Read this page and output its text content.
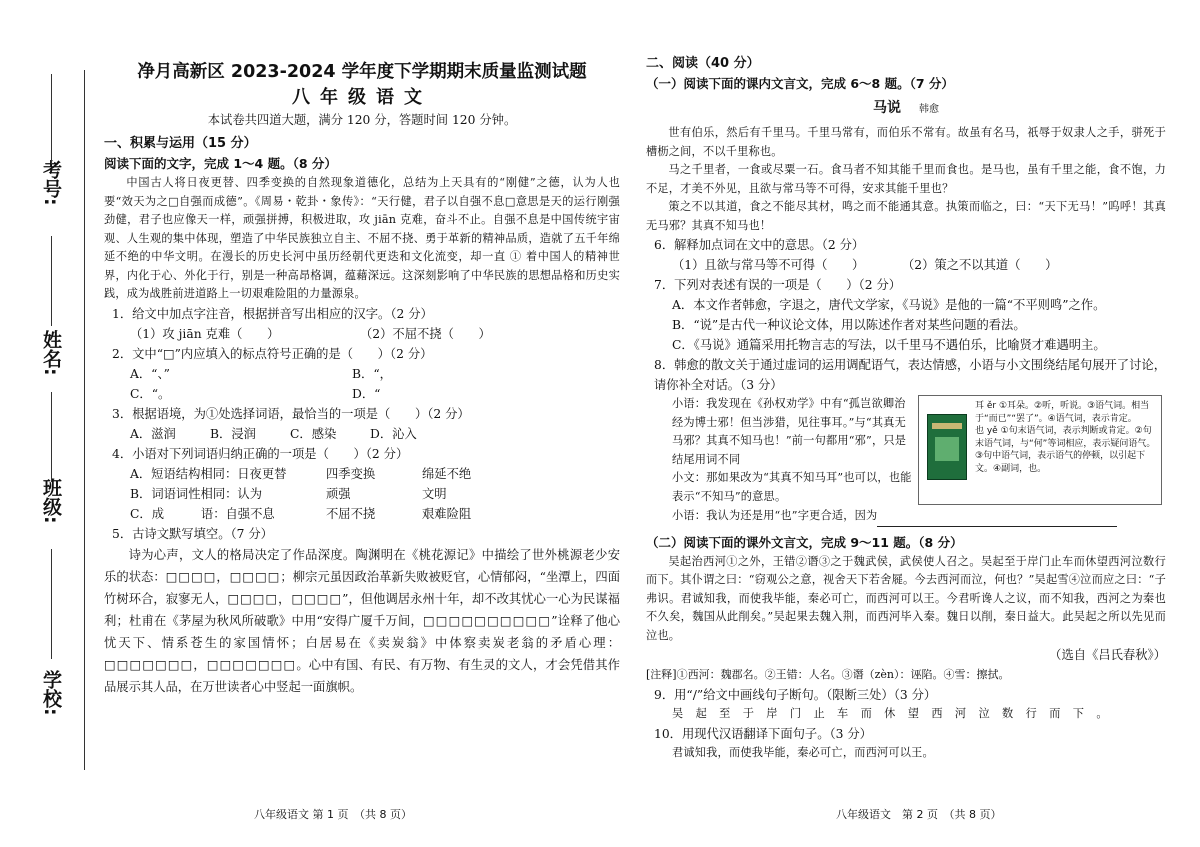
考号:
姓名:
班级:
学校:
净月高新区 2023-2024 学年度下学期期末质量监测试题
八年级语文

本试卷共四道大题，满分 120 分，答题时间 120 分钟。

一、积累与运用（15 分）

阅读下面的文字，完成 1～4 题。（8 分）

中国古人将日夜更替、四季变换的自然现象道德化，总结为上天具有的“刚健”之德，认为人也要“效天为之□自强而成德”。《周易・乾卦・象传》：“天行健，君子以自强不息□意思是天的运行刚强劲健，君子也应像天一样，顽强拼搏，积极进取，攻 jiān 克难，奋斗不止。自强不息是中国传统宇宙观、人生观的集中体现，塑造了中华民族独立自主、不屈不挠、勇于革新的精神品质，造就了五千年绵延不绝的中华文明。在漫长的历史长河中虽历经朝代更迭和文化流变，却一直 ① 着中国人的精神世界，内化于心、外化于行，别是一种高昂格调，蕴藉深远。这深刻影响了中华民族的思想品格和历史实践，成为战胜前进道路上一切艰难险阻的力量源泉。

1．给文中加点字注音，根据拼音写出相应的汉字。（2 分）

（1）攻 jiān 克难（　　）	（2）不屈不挠（　　）

2．文中“□”内应填入的标点符号正确的是（　　）（2 分）

A．“、”	B．“，
C．“。	D．“

3．根据语境，为①处选择词语，最恰当的一项是（　　）（2 分）

A．滋润	B．浸润	C．感染	D．沁入

4．小语对下列词语归纳正确的一项是（　　）（2 分）

A．短语结构相同：日夜更替	四季变换	绵延不绝
B．词语词性相同：认为	顽强	文明
C．成　　　语：自强不息	不屈不挠	艰难险阻

5．古诗文默写填空。（7 分）

诗为心声，文人的格局决定了作品深度。陶渊明在《桃花源记》中描绘了世外桃源老少安乐的状态：□□□□，□□□□；柳宗元虽因政治革新失败被贬官，心情郁闷，“坐潭上，四面竹树环合，寂寥无人，□□□□，□□□□”，但他调居永州十年，却不改其忧心一心为民谋福利；杜甫在《茅屋为秋风所破歌》中用“安得广厦千万间，□□□□□□□□□□”诠释了他心忧天下、情系苍生的家国情怀；白居易在《卖炭翁》中体察卖炭老翁的矛盾心理：□□□□□□□，□□□□□□□。心中有国、有民、有万物、有生灵的文人，才会凭借其作品展示其人品，在万世读者心中竖起一面旗帜。

二、阅读（40 分）

（一）阅读下面的课内文言文，完成 6～8 题。（7 分）

马说 韩愈

世有伯乐，然后有千里马。千里马常有，而伯乐不常有。故虽有名马，祇辱于奴隶人之手，骈死于槽枥之间，不以千里称也。

马之千里者，一食或尽粟一石。食马者不知其能千里而食也。是马也，虽有千里之能，食不饱，力不足，才美不外见，且欲与常马等不可得，安求其能千里也？

策之不以其道，食之不能尽其材，鸣之而不能通其意。执策而临之，曰：“天下无马！”呜呼！其真无马邪？其真不知马也！

6．解释加点词在文中的意思。（2 分）

（1）且欲与常马等不可得（　　）	（2）策之不以其道（　　）

7．下列对表述有误的一项是（　　）（2 分）

A．本文作者韩愈，字退之，唐代文学家，《马说》是他的一篇“不平则鸣”之作。

B．“说”是古代一种议论文体，用以陈述作者对某些问题的看法。

C．《马说》通篇采用托物言志的写法，以千里马不遇伯乐，比喻贤才难遇明主。

8．韩愈的散文关于通过虚词的运用调配语气，表达情感，小语与小文围绕结尾句展开了讨论，请你补全对话。（3 分）

小语：我发现在《孙权劝学》中有“孤岂欲卿治经为博士邪！但当涉猎，见往事耳。”与“其真无马邪？其真不知马也！”前一句都用“邪”，只是结尾用词不同

小文：那如果改为“其真不知马耳”也可以，也能表示“不知马”的意思。

耳 ěr ①耳朵。②听，听说。③语气词。相当于“而已”“罢了”。④语气词，表示肯定。

也 yě ①句末语气词，表示判断或肯定。②句末语气词，与“何”等词相应，表示疑问语气。③句中语气词，表示语气的停顿，以引起下文。④副词，也。

小语：我认为还是用“也”字更合适，因为

（二）阅读下面的课外文言文，完成 9～11 题。（8 分）

吴起治西河①之外，王错②谮③之于魏武侯，武侯使人召之。吴起至于岸门止车而休望西河泣数行而下。其仆谓之曰：“窃观公之意，视舍天下若舍屣。今去西河而泣，何也？”吴起雪④泣而应之曰：“子弗识。君诚知我，而使我毕能，秦必可亡，而西河可以王。今君听谗人之议，而不知我，西河之为秦也不久矣，魏国从此削矣。”吴起果去魏入荆，而西河毕入秦。魏日以削，秦日益大。此吴起之所以先见而泣也。

（选自《吕氏春秋》）

[注释]①西河：魏郡名。②王错：人名。③谮（zèn）：诬陷。④雪：擦拭。

9．用“/”给文中画线句子断句。（限断三处）（3 分）

吴　起　至　于　岸　门　止　车　而　休　望　西　河　泣　数　行　而　下　。

10．用现代汉语翻译下面句子。（3 分）

君诚知我，而使我毕能，秦必可亡，而西河可以王。

八年级语文 第 1 页　（共 8 页）	八年级语文　第 2 页　（共 8 页）
